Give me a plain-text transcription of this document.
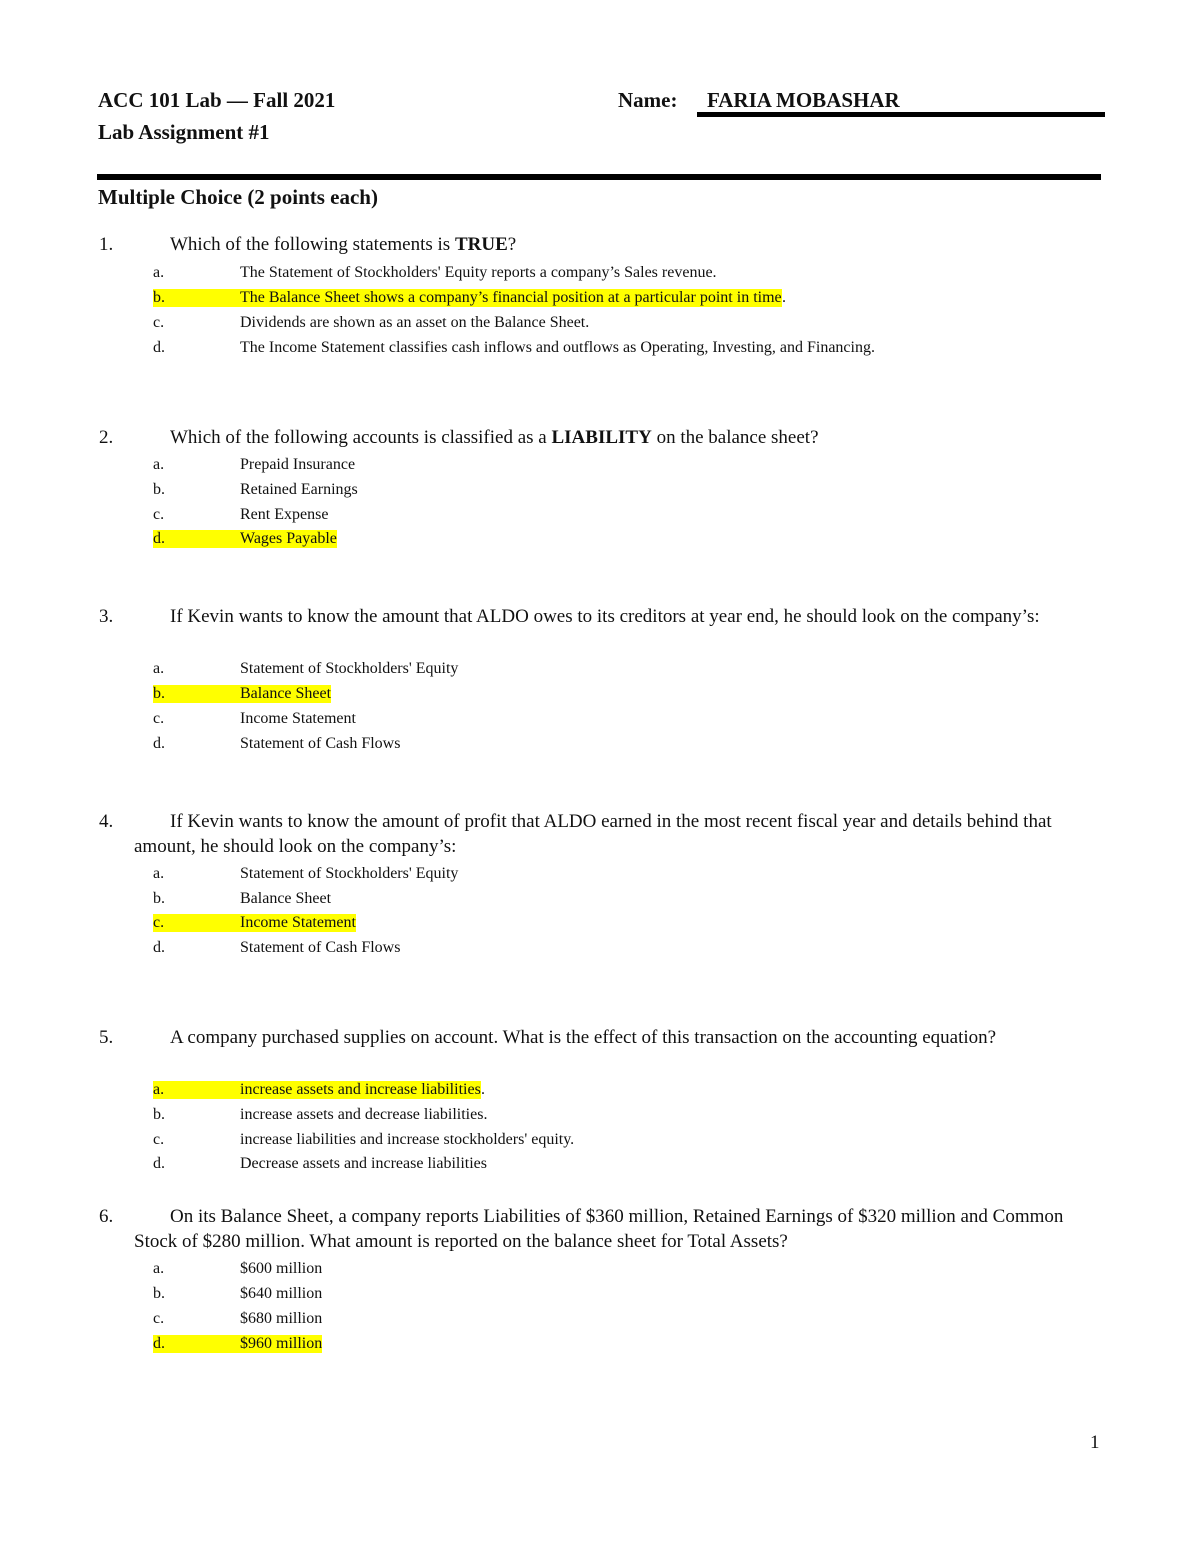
ACC 101 Lab — Fall 2021
Lab Assignment #1
Name: FARIA MOBASHAR
Multiple Choice (2 points each)
1.	Which of the following statements is TRUE?
2.	Which of the following accounts is classified as a LIABILITY on the balance sheet?
3.	If Kevin wants to know the amount that ALDO owes to its creditors at year end, he should look on the company’s:
4.	If Kevin wants to know the amount of profit that ALDO earned in the most recent fiscal year and details behind that amount, he should look on the company’s:
5.	A company purchased supplies on account. What is the effect of this transaction on the accounting equation?
6.	On its Balance Sheet, a company reports Liabilities of $360 million, Retained Earnings of $320 million and Common Stock of $280 million. What amount is reported on the balance sheet for Total Assets?
1
a.	The Statement of Stockholders' Equity reports a company’s Sales revenue.
b.	The Balance Sheet shows a company’s financial position at a particular point in time .
c.	Dividends are shown as an asset on the Balance Sheet.
d.	The Income Statement classifies cash inflows and outflows as Operating, Investing, and Financing.
a.	Prepaid Insurance
b.	Retained Earnings
c.	Rent Expense
d.	Wages Payable
a.	Statement of Stockholders' Equity
b.	Balance Sheet
c.	Income Statement
d.	Statement of Cash Flows
a.	Statement of Stockholders' Equity
b.	Balance Sheet
c.	Income Statement
d.	Statement of Cash Flows
a.	increase assets and increase liabilities .
b.	increase assets and decrease liabilities.
c.	increase liabilities and increase stockholders' equity.
d.	Decrease assets and increase liabilities
a.	$600 million
b.	$640 million
c.	$680 million
d.	$960 million
